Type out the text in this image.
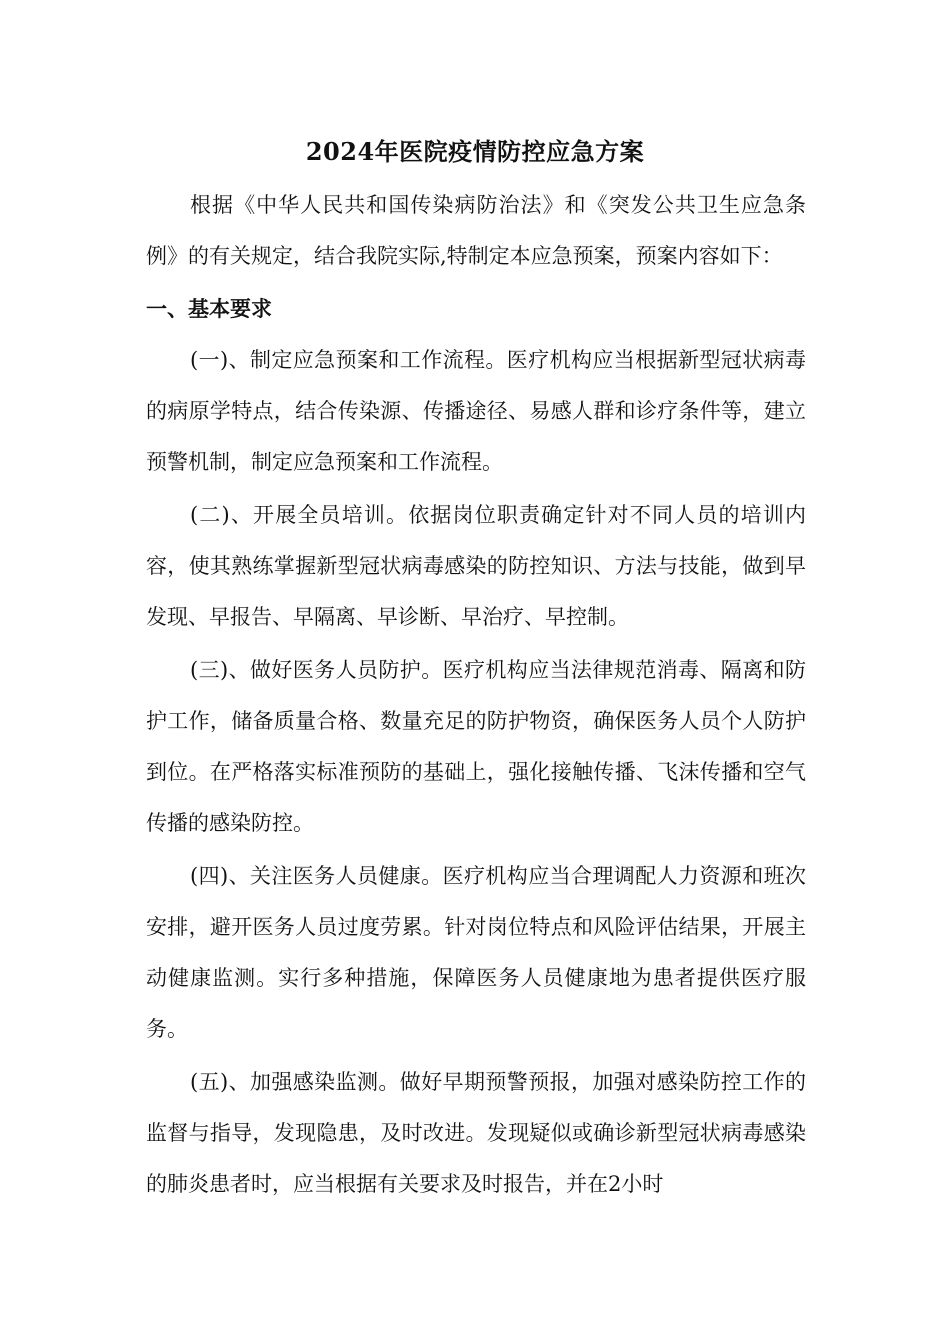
2024年医院疫情防控应急方案

根据《中华人民共和国传染病防治法》和《突发公共卫生应急条例》的有关规定，结合我院实际,特制定本应急预案，预案内容如下：

一、基本要求

(一)、制定应急预案和工作流程。医疗机构应当根据新型冠状病毒的病原学特点，结合传染源、传播途径、易感人群和诊疗条件等，建立预警机制，制定应急预案和工作流程。

(二)、开展全员培训。依据岗位职责确定针对不同人员的培训内容，使其熟练掌握新型冠状病毒感染的防控知识、方法与技能，做到早发现、早报告、早隔离、早诊断、早治疗、早控制。

(三)、做好医务人员防护。医疗机构应当法律规范消毒、隔离和防护工作，储备质量合格、数量充足的防护物资，确保医务人员个人防护到位。在严格落实标准预防的基础上，强化接触传播、飞沫传播和空气传播的感染防控。

(四)、关注医务人员健康。医疗机构应当合理调配人力资源和班次安排，避开医务人员过度劳累。针对岗位特点和风险评估结果，开展主动健康监测。实行多种措施，保障医务人员健康地为患者提供医疗服务。

(五)、加强感染监测。做好早期预警预报，加强对感染防控工作的监督与指导，发现隐患，及时改进。发现疑似或确诊新型冠状病毒感染的肺炎患者时，应当根据有关要求及时报告，并在2小时
